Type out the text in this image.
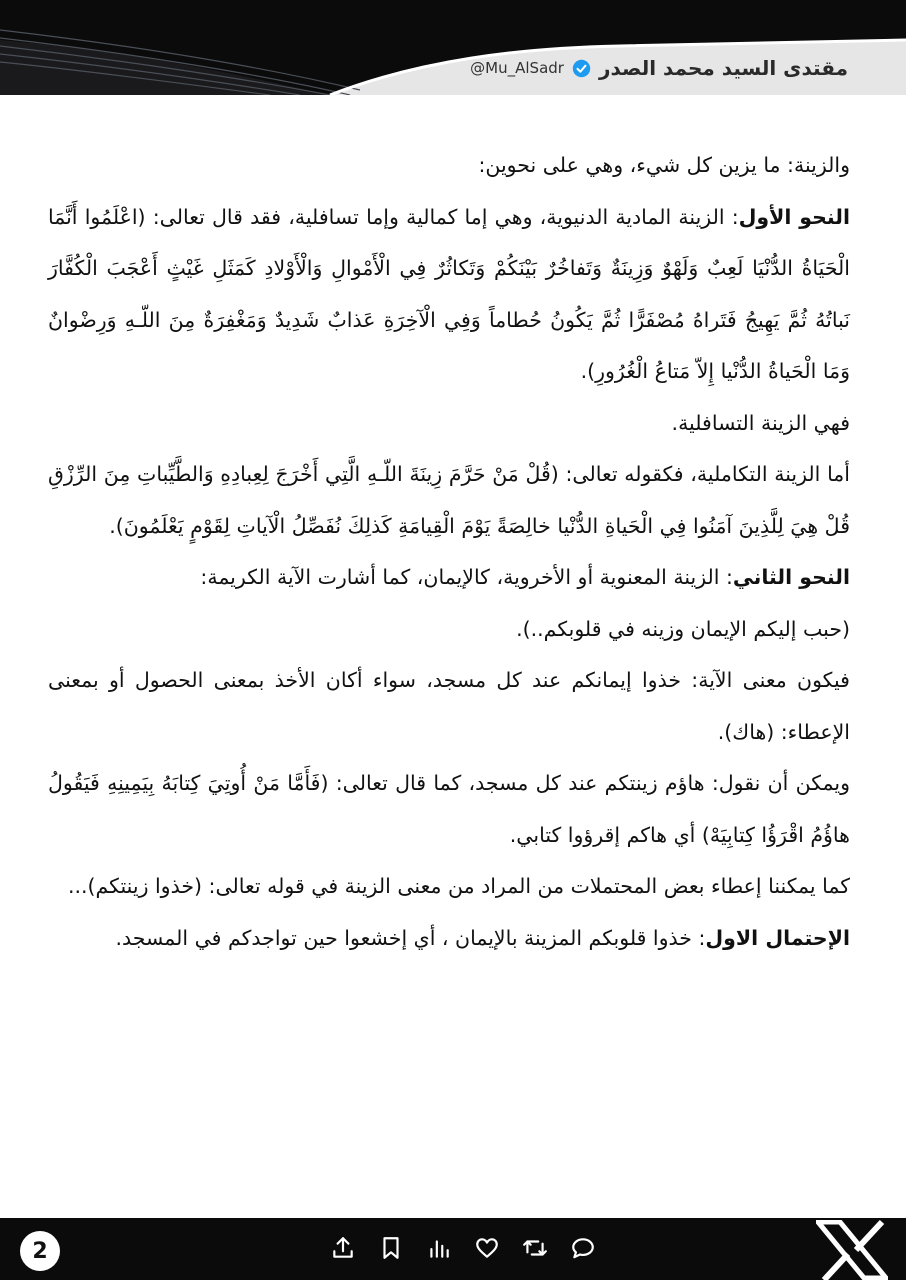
@Mu_AlSadr مقتدى السيد محمد الصدر

والزينة: ما يزين كل شيء، وهي على نحوين:

النحو الأول: الزينة المادية الدنيوية، وهي إما كمالية وإما تسافلية، فقد قال تعالى: (اعْلَمُوا أَنَّمَا الْحَيَاةُ الدُّنْيَا لَعِبٌ وَلَهْوٌ وَزِينَةٌ وَتَفاخُرٌ بَيْنَكُمْ وَتَكاثُرٌ فِي الْأَمْوالِ وَالْأَوْلادِ كَمَثَلِ غَيْثٍ أَعْجَبَ الْكُفَّارَ نَباتُهُ ثُمَّ يَهِيجُ فَتَراهُ مُصْفَرًّا ثُمَّ يَكُونُ حُطاماً وَفِي الْآخِرَةِ عَذابٌ شَدِيدٌ وَمَغْفِرَةٌ مِنَ اللّـهِ وَرِضْوانٌ وَمَا الْحَياةُ الدُّنْيا إِلاّ مَتاعُ الْغُرُورِ).

فهي الزينة التسافلية.

أما الزينة التكاملية، فكقوله تعالى: (قُلْ مَنْ حَرَّمَ زِينَةَ اللّـهِ الَّتِي أَخْرَجَ لِعِبادِهِ وَالطَّيِّباتِ مِنَ الرِّزْقِ قُلْ هِيَ لِلَّذِينَ آمَنُوا فِي الْحَياةِ الدُّنْيا خالِصَةً يَوْمَ الْقِيامَةِ كَذلِكَ نُفَصِّلُ الْآياتِ لِقَوْمٍ يَعْلَمُونَ).

النحو الثاني: الزينة المعنوية أو الأخروية، كالإيمان، كما أشارت الآية الكريمة:

(حبب إليكم الإيمان وزينه في قلوبكم..).

فيكون معنى الآية: خذوا إيمانكم عند كل مسجد، سواء أكان الأخذ بمعنى الحصول أو بمعنى الإعطاء: (هاك).

ويمكن أن نقول: هاؤم زينتكم عند كل مسجد، كما قال تعالى: (فَأَمَّا مَنْ أُوتِيَ كِتابَهُ بِيَمِينِهِ فَيَقُولُ هاؤُمُ اقْرَؤُا كِتابِيَهْ) أي هاكم إقرؤوا كتابي.

كما يمكننا إعطاء بعض المحتملات من المراد من معنى الزينة في قوله تعالى: (خذوا زينتكم)...

الإحتمال الاول: خذوا قلوبكم المزينة بالإيمان ، أي إخشعوا حين تواجدكم في المسجد.

2
